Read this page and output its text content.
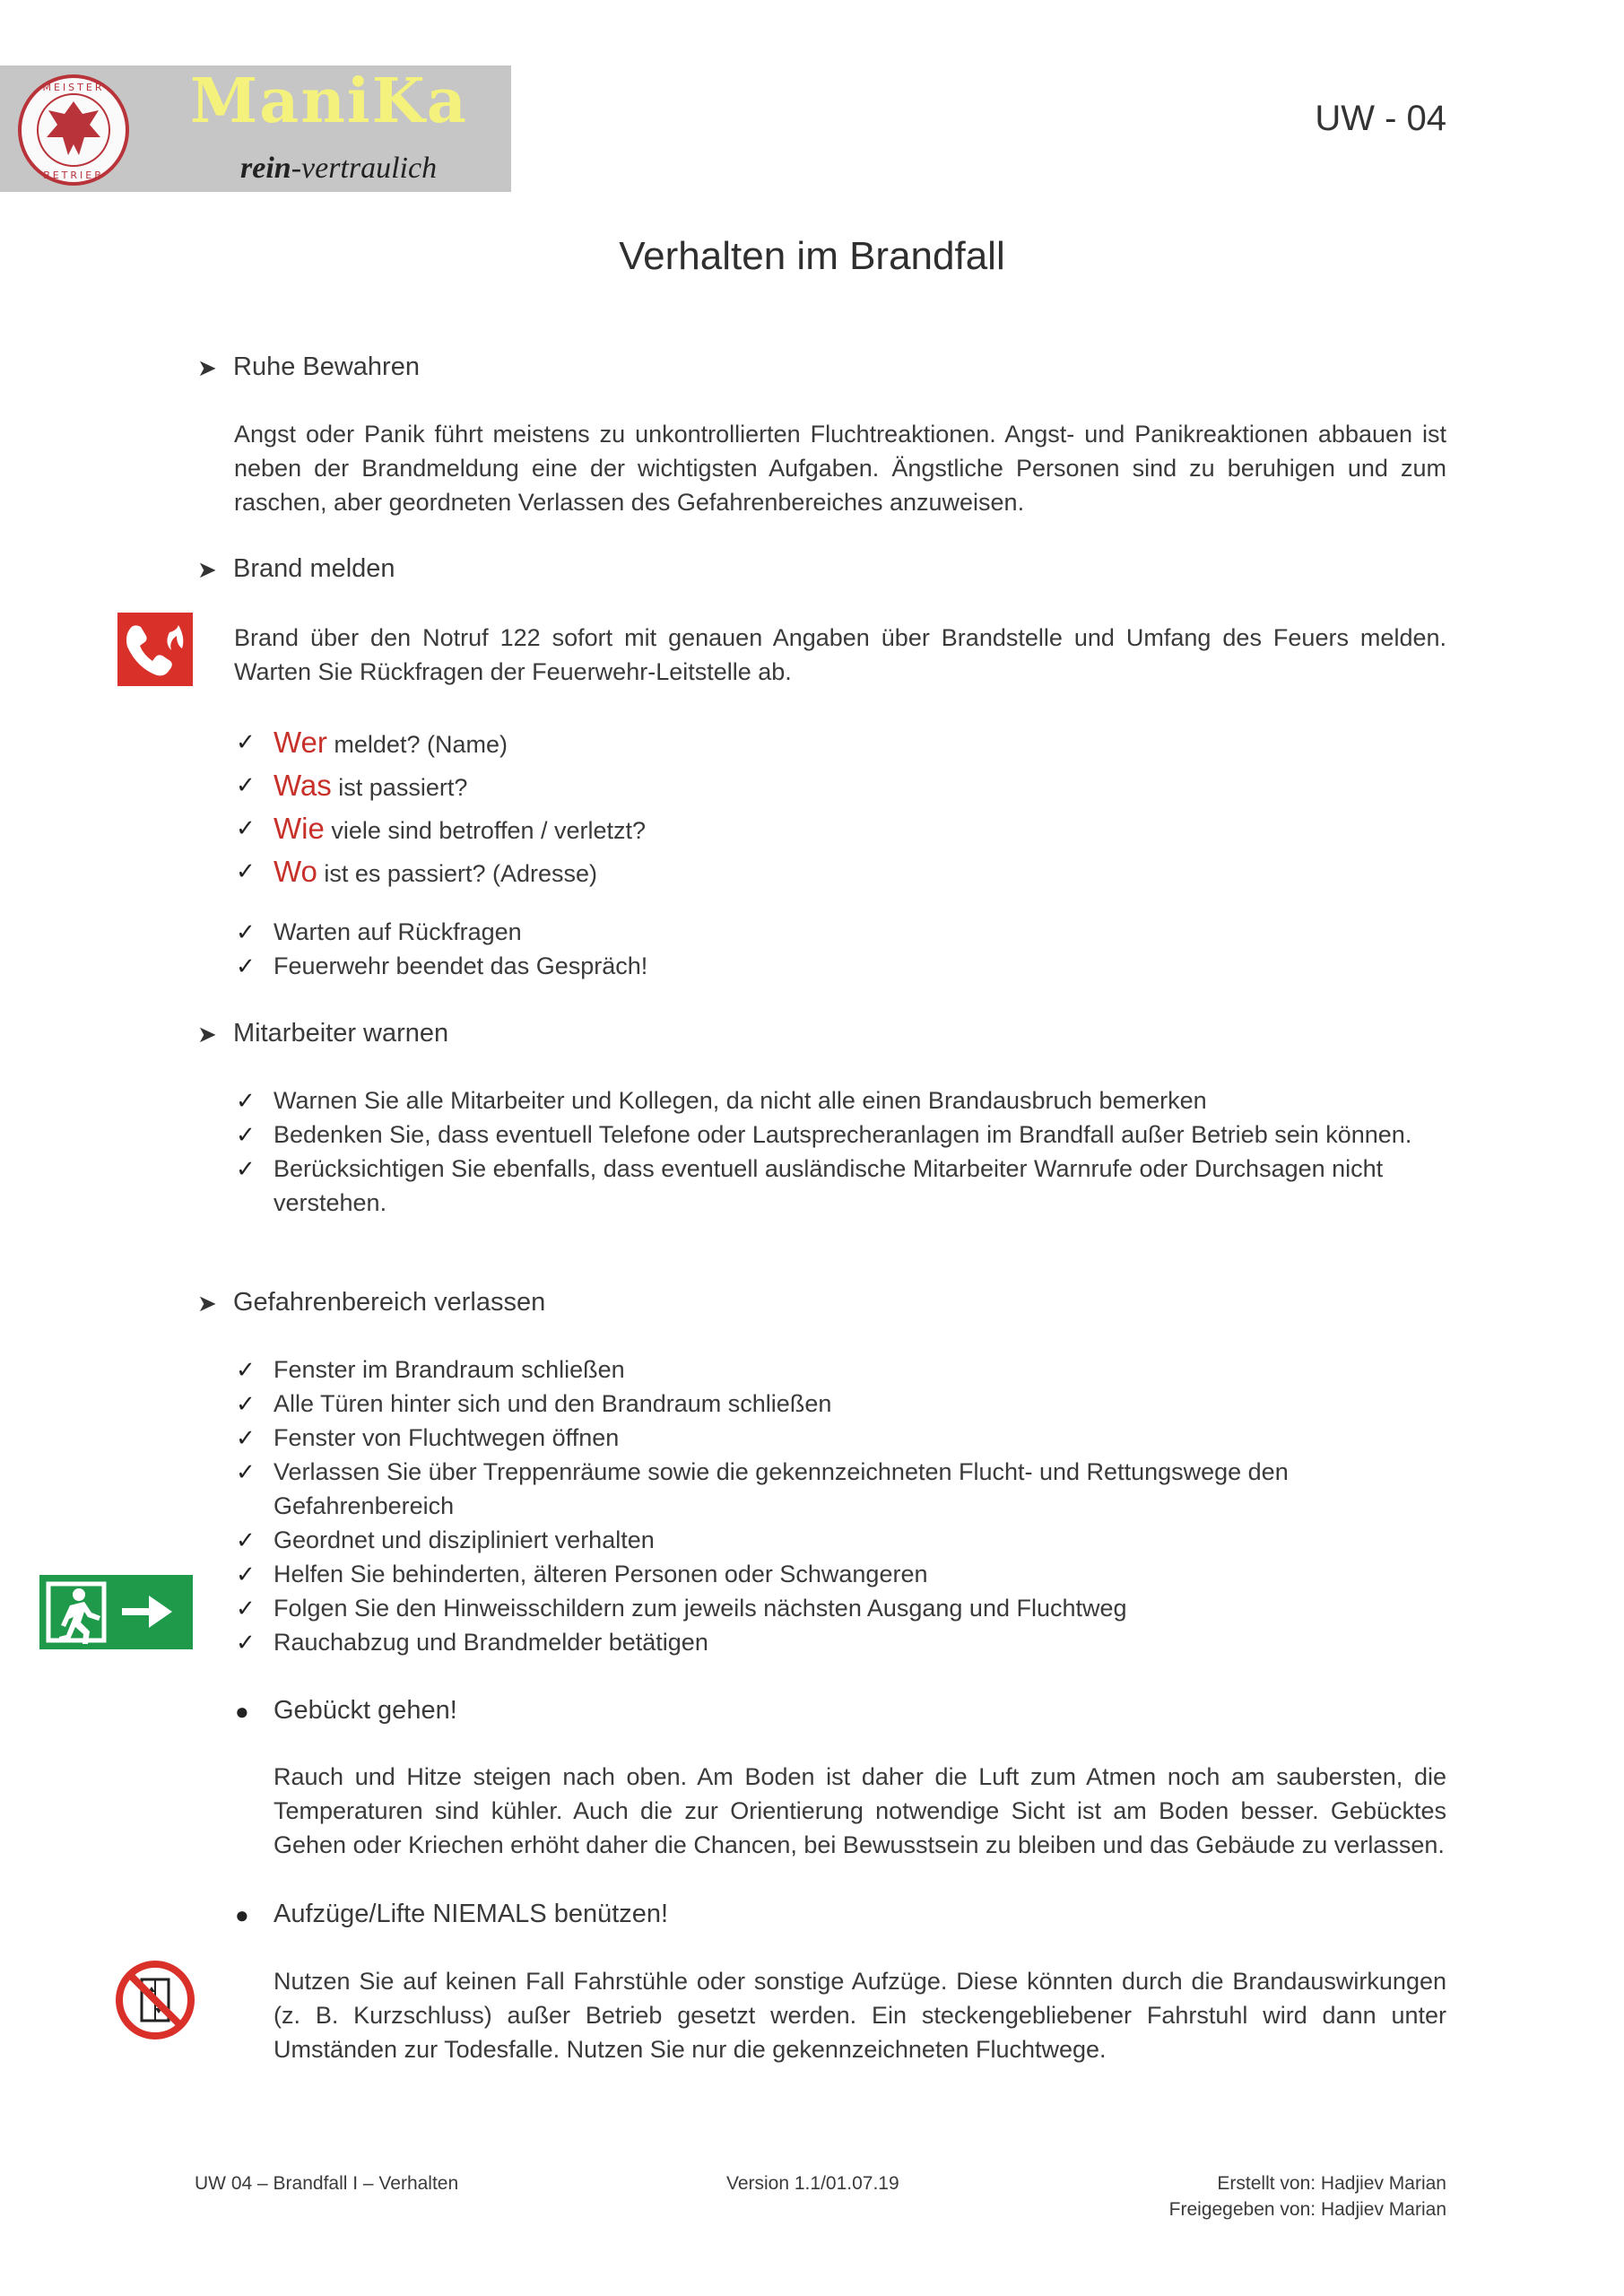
MEISTER
BETRIEB
ManiKa
rein-vertraulich
UW - 04
Verhalten im Brandfall
➤ Ruhe Bewahren
Angst oder Panik führt meistens zu unkontrollierten Fluchtreaktionen. Angst- und Panikreaktionen abbauen ist neben der Brandmeldung eine der wichtigsten Aufgaben. Ängstliche Personen sind zu beruhigen und zum raschen, aber geordneten Verlassen des Gefahrenbereiches anzuweisen.
➤ Brand melden
Brand über den Notruf 122 sofort mit genauen Angaben über Brandstelle und Umfang des Feuers melden. Warten Sie Rückfragen der Feuerwehr-Leitstelle ab.
✓ Wer meldet? (Name)
✓ Was ist passiert?
✓ Wie viele sind betroffen / verletzt?
✓ Wo ist es passiert? (Adresse)
✓ Warten auf Rückfragen
✓ Feuerwehr beendet das Gespräch!
➤ Mitarbeiter warnen
✓ Warnen Sie alle Mitarbeiter und Kollegen, da nicht alle einen Brandausbruch bemerken
✓ Bedenken Sie, dass eventuell Telefone oder Lautsprecheranlagen im Brandfall außer Betrieb sein können.
✓ Berücksichtigen Sie ebenfalls, dass eventuell ausländische Mitarbeiter Warnrufe oder Durchsagen nicht verstehen.
➤ Gefahrenbereich verlassen
✓ Fenster im Brandraum schließen
✓ Alle Türen hinter sich und den Brandraum schließen
✓ Fenster von Fluchtwegen öffnen
✓ Verlassen Sie über Treppenräume sowie die gekennzeichneten Flucht- und Rettungswege den Gefahrenbereich
✓ Geordnet und diszipliniert verhalten
✓ Helfen Sie behinderten, älteren Personen oder Schwangeren
✓ Folgen Sie den Hinweisschildern zum jeweils nächsten Ausgang und Fluchtweg
✓ Rauchabzug und Brandmelder betätigen
● Gebückt gehen!
Rauch und Hitze steigen nach oben. Am Boden ist daher die Luft zum Atmen noch am saubersten, die Temperaturen sind kühler. Auch die zur Orientierung notwendige Sicht ist am Boden besser. Gebücktes Gehen oder Kriechen erhöht daher die Chancen, bei Bewusstsein zu bleiben und das Gebäude zu verlassen.
● Aufzüge/Lifte NIEMALS benützen!
Nutzen Sie auf keinen Fall Fahrstühle oder sonstige Aufzüge. Diese könnten durch die Brandauswirkungen (z. B. Kurzschluss) außer Betrieb gesetzt werden. Ein steckengebliebener Fahrstuhl wird dann unter Umständen zur Todesfalle. Nutzen Sie nur die gekennzeichneten Fluchtwege.
UW 04 – Brandfall I – Verhalten	Version 1.1/01.07.19	Erstellt von: Hadjiev Marian
Freigegeben von: Hadjiev Marian
